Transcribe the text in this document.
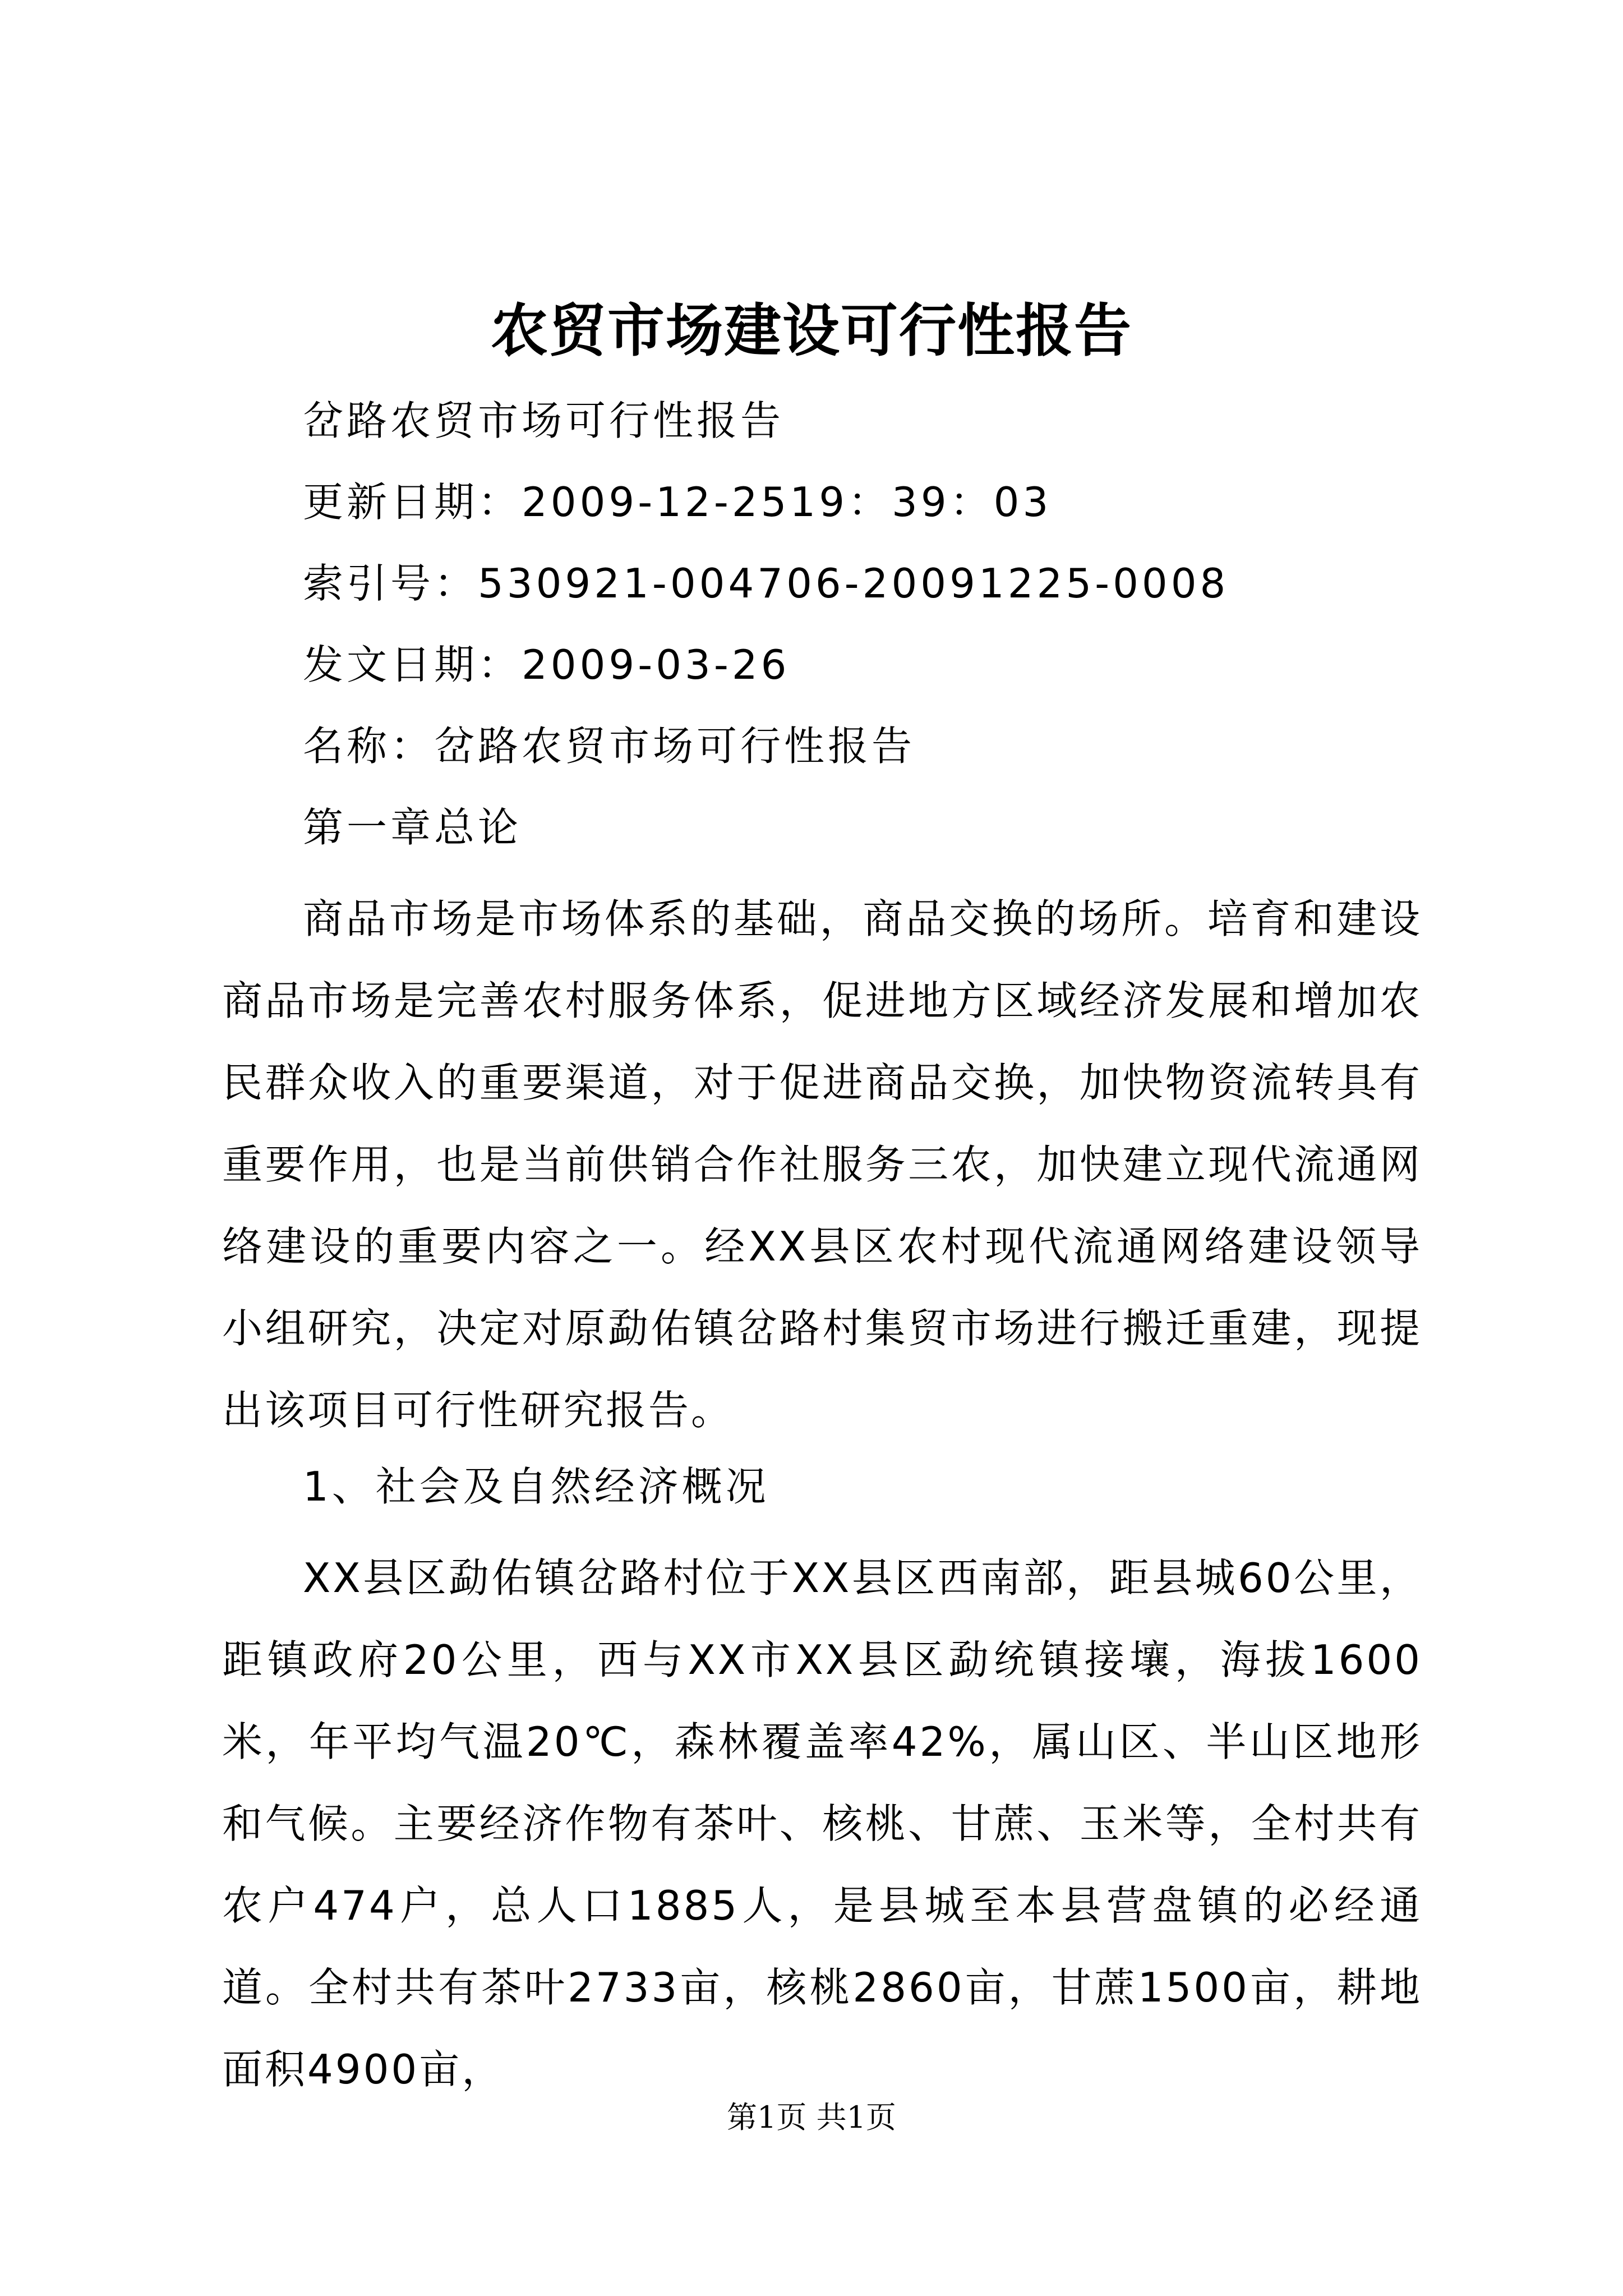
农贸市场建设可行性报告

岔路农贸市场可行性报告

更新日期：2009-12-2519：39：03

索引号：530921-004706-20091225-0008

发文日期：2009-03-26

名称：岔路农贸市场可行性报告

第一章总论

商品市场是市场体系的基础，商品交换的场所。培育和建设商品市场是完善农村服务体系，促进地方区域经济发展和增加农民群众收入的重要渠道，对于促进商品交换，加快物资流转具有重要作用，也是当前供销合作社服务三农，加快建立现代流通网络建设的重要内容之一。经XX县区农村现代流通网络建设领导小组研究，决定对原勐佑镇岔路村集贸市场进行搬迁重建，现提出该项目可行性研究报告。

1、社会及自然经济概况

XX县区勐佑镇岔路村位于XX县区西南部，距县城60公里，距镇政府20公里，西与XX市XX县区勐统镇接壤，海拔1600米，年平均气温20℃，森林覆盖率42%，属山区、半山区地形和气候。主要经济作物有茶叶、核桃、甘蔗、玉米等，全村共有农户474户，总人口1885人，是县城至本县营盘镇的必经通道。全村共有茶叶2733亩，核桃2860亩，甘蔗1500亩，耕地面积4900亩，

第1页 共1页
